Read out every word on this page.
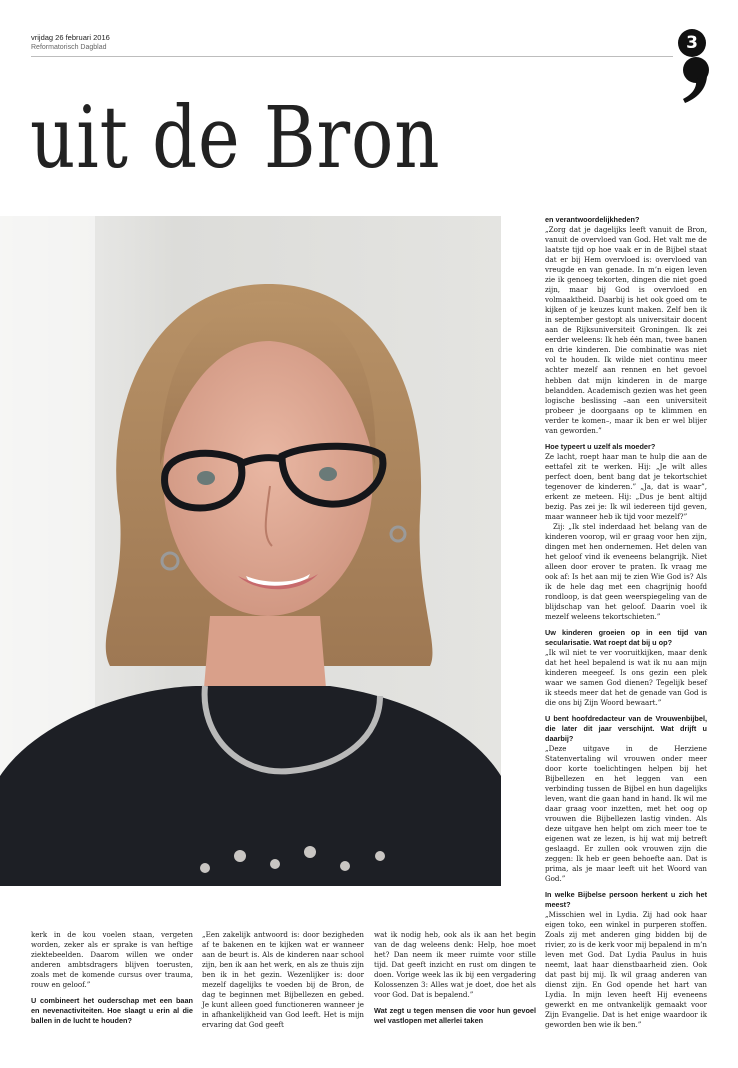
vrijdag 26 februari 2016
Reformatorisch Dagblad	3
uit de Bron

en verantwoordelijkheden?

„Zorg dat je dagelijks leeft vanuit de Bron, vanuit de overvloed van God. Het valt me de laatste tijd op hoe vaak er in de Bijbel staat dat er bij Hem overvloed is: overvloed van vreugde en van genade. In m’n eigen leven zie ik genoeg tekorten, dingen die niet goed zijn, maar bij God is overvloed en volmaaktheid. Daarbij is het ook goed om te kijken of je keuzes kunt maken. Zelf ben ik in september gestopt als universitair docent aan de Rijksuniversiteit Groningen. Ik zei eerder weleens: Ik heb één man, twee banen en drie kinderen. Die combinatie was niet vol te houden. Ik wilde niet continu meer achter mezelf aan rennen en het gevoel hebben dat mijn kinderen in de marge belandden. Academisch gezien was het geen logische beslissing –aan een universiteit probeer je doorgaans op te klimmen en verder te komen–, maar ik ben er wel blijer van geworden.”

Hoe typeert u uzelf als moeder?

Ze lacht, roept haar man te hulp die aan de eettafel zit te werken. Hij: „Je wilt alles perfect doen, bent bang dat je tekortschiet tegenover de kinderen.” „Ja, dat is waar”, erkent ze meteen. Hij: „Dus je bent altijd bezig. Pas zei je: Ik wil iedereen tijd geven, maar wanneer heb ik tijd voor mezelf?”

Zij: „Ik stel inderdaad het belang van de kinderen voorop, wil er graag voor hen zijn, dingen met hen ondernemen. Het delen van het geloof vind ik eveneens belangrijk. Niet alleen door erover te praten. Ik vraag me ook af: Is het aan mij te zien Wie God is? Als ik de hele dag met een chagrijnig hoofd rondloop, is dat geen weerspiegeling van de blijdschap van het geloof. Daarin voel ik mezelf weleens tekortschieten.”

Uw kinderen groeien op in een tijd van secularisatie. Wat roept dat bij u op?

„Ik wil niet te ver vooruitkijken, maar denk dat het heel bepalend is wat ik nu aan mijn kinderen meegeef. Is ons gezin een plek waar we samen God dienen? Tegelijk besef ik steeds meer dat het de genade van God is die ons bij Zijn Woord bewaart.”

U bent hoofdredacteur van de Vrouwenbijbel, die later dit jaar verschijnt. Wat drijft u daarbij?

„Deze uitgave in de Herziene Statenvertaling wil vrouwen onder meer door korte toelichtingen helpen bij het Bijbellezen en het leggen van een verbinding tussen de Bijbel en hun dagelijks leven, want die gaan hand in hand. Ik wil me daar graag voor inzetten, met het oog op vrouwen die Bijbellezen lastig vinden. Als deze uitgave hen helpt om zich meer toe te eigenen wat ze lezen, is hij wat mij betreft geslaagd. Er zullen ook vrouwen zijn die zeggen: Ik heb er geen behoefte aan. Dat is prima, als je maar leeft uit het Woord van God.”

In welke Bijbelse persoon herkent u zich het meest?

„Misschien wel in Lydia. Zij had ook haar eigen toko, een winkel in purperen stoffen. Zoals zij met anderen ging bidden bij de rivier, zo is de kerk voor mij bepalend in m’n leven met God. Dat Lydia Paulus in huis neemt, laat haar dienstbaarheid zien. Ook dat past bij mij. Ik wil graag anderen van dienst zijn. En God opende het hart van Lydia. In mijn leven heeft Hij eveneens gewerkt en me ontvankelijk gemaakt voor Zijn Evangelie. Dat is het enige waardoor ik geworden ben wie ik ben.”

kerk in de kou voelen staan, vergeten worden, zeker als er sprake is van heftige ziektebeelden. Daarom willen we onder anderen ambtsdragers blijven toerusten, zoals met de komende cursus over trauma, rouw en geloof.”

U combineert het ouderschap met een baan en nevenactiviteiten. Hoe slaagt u erin al die ballen in de lucht te houden?

„Een zakelijk antwoord is: door bezigheden af te bakenen en te kijken wat er wanneer aan de beurt is. Als de kinderen naar school zijn, ben ik aan het werk, en als ze thuis zijn ben ik in het gezin. Wezenlijker is: door mezelf dagelijks te voeden bij de Bron, de dag te beginnen met Bijbellezen en gebed. Je kunt alleen goed functioneren wanneer je in afhankelijkheid van God leeft. Het is mijn ervaring dat God geeft

wat ik nodig heb, ook als ik aan het begin van de dag weleens denk: Help, hoe moet het? Dan neem ik meer ruimte voor stille tijd. Dat geeft inzicht en rust om dingen te doen. Vorige week las ik bij een vergadering Kolossenzen 3: Alles wat je doet, doe het als voor God. Dat is bepalend.”

Wat zegt u tegen mensen die voor hun gevoel wel vastlopen met allerlei taken
